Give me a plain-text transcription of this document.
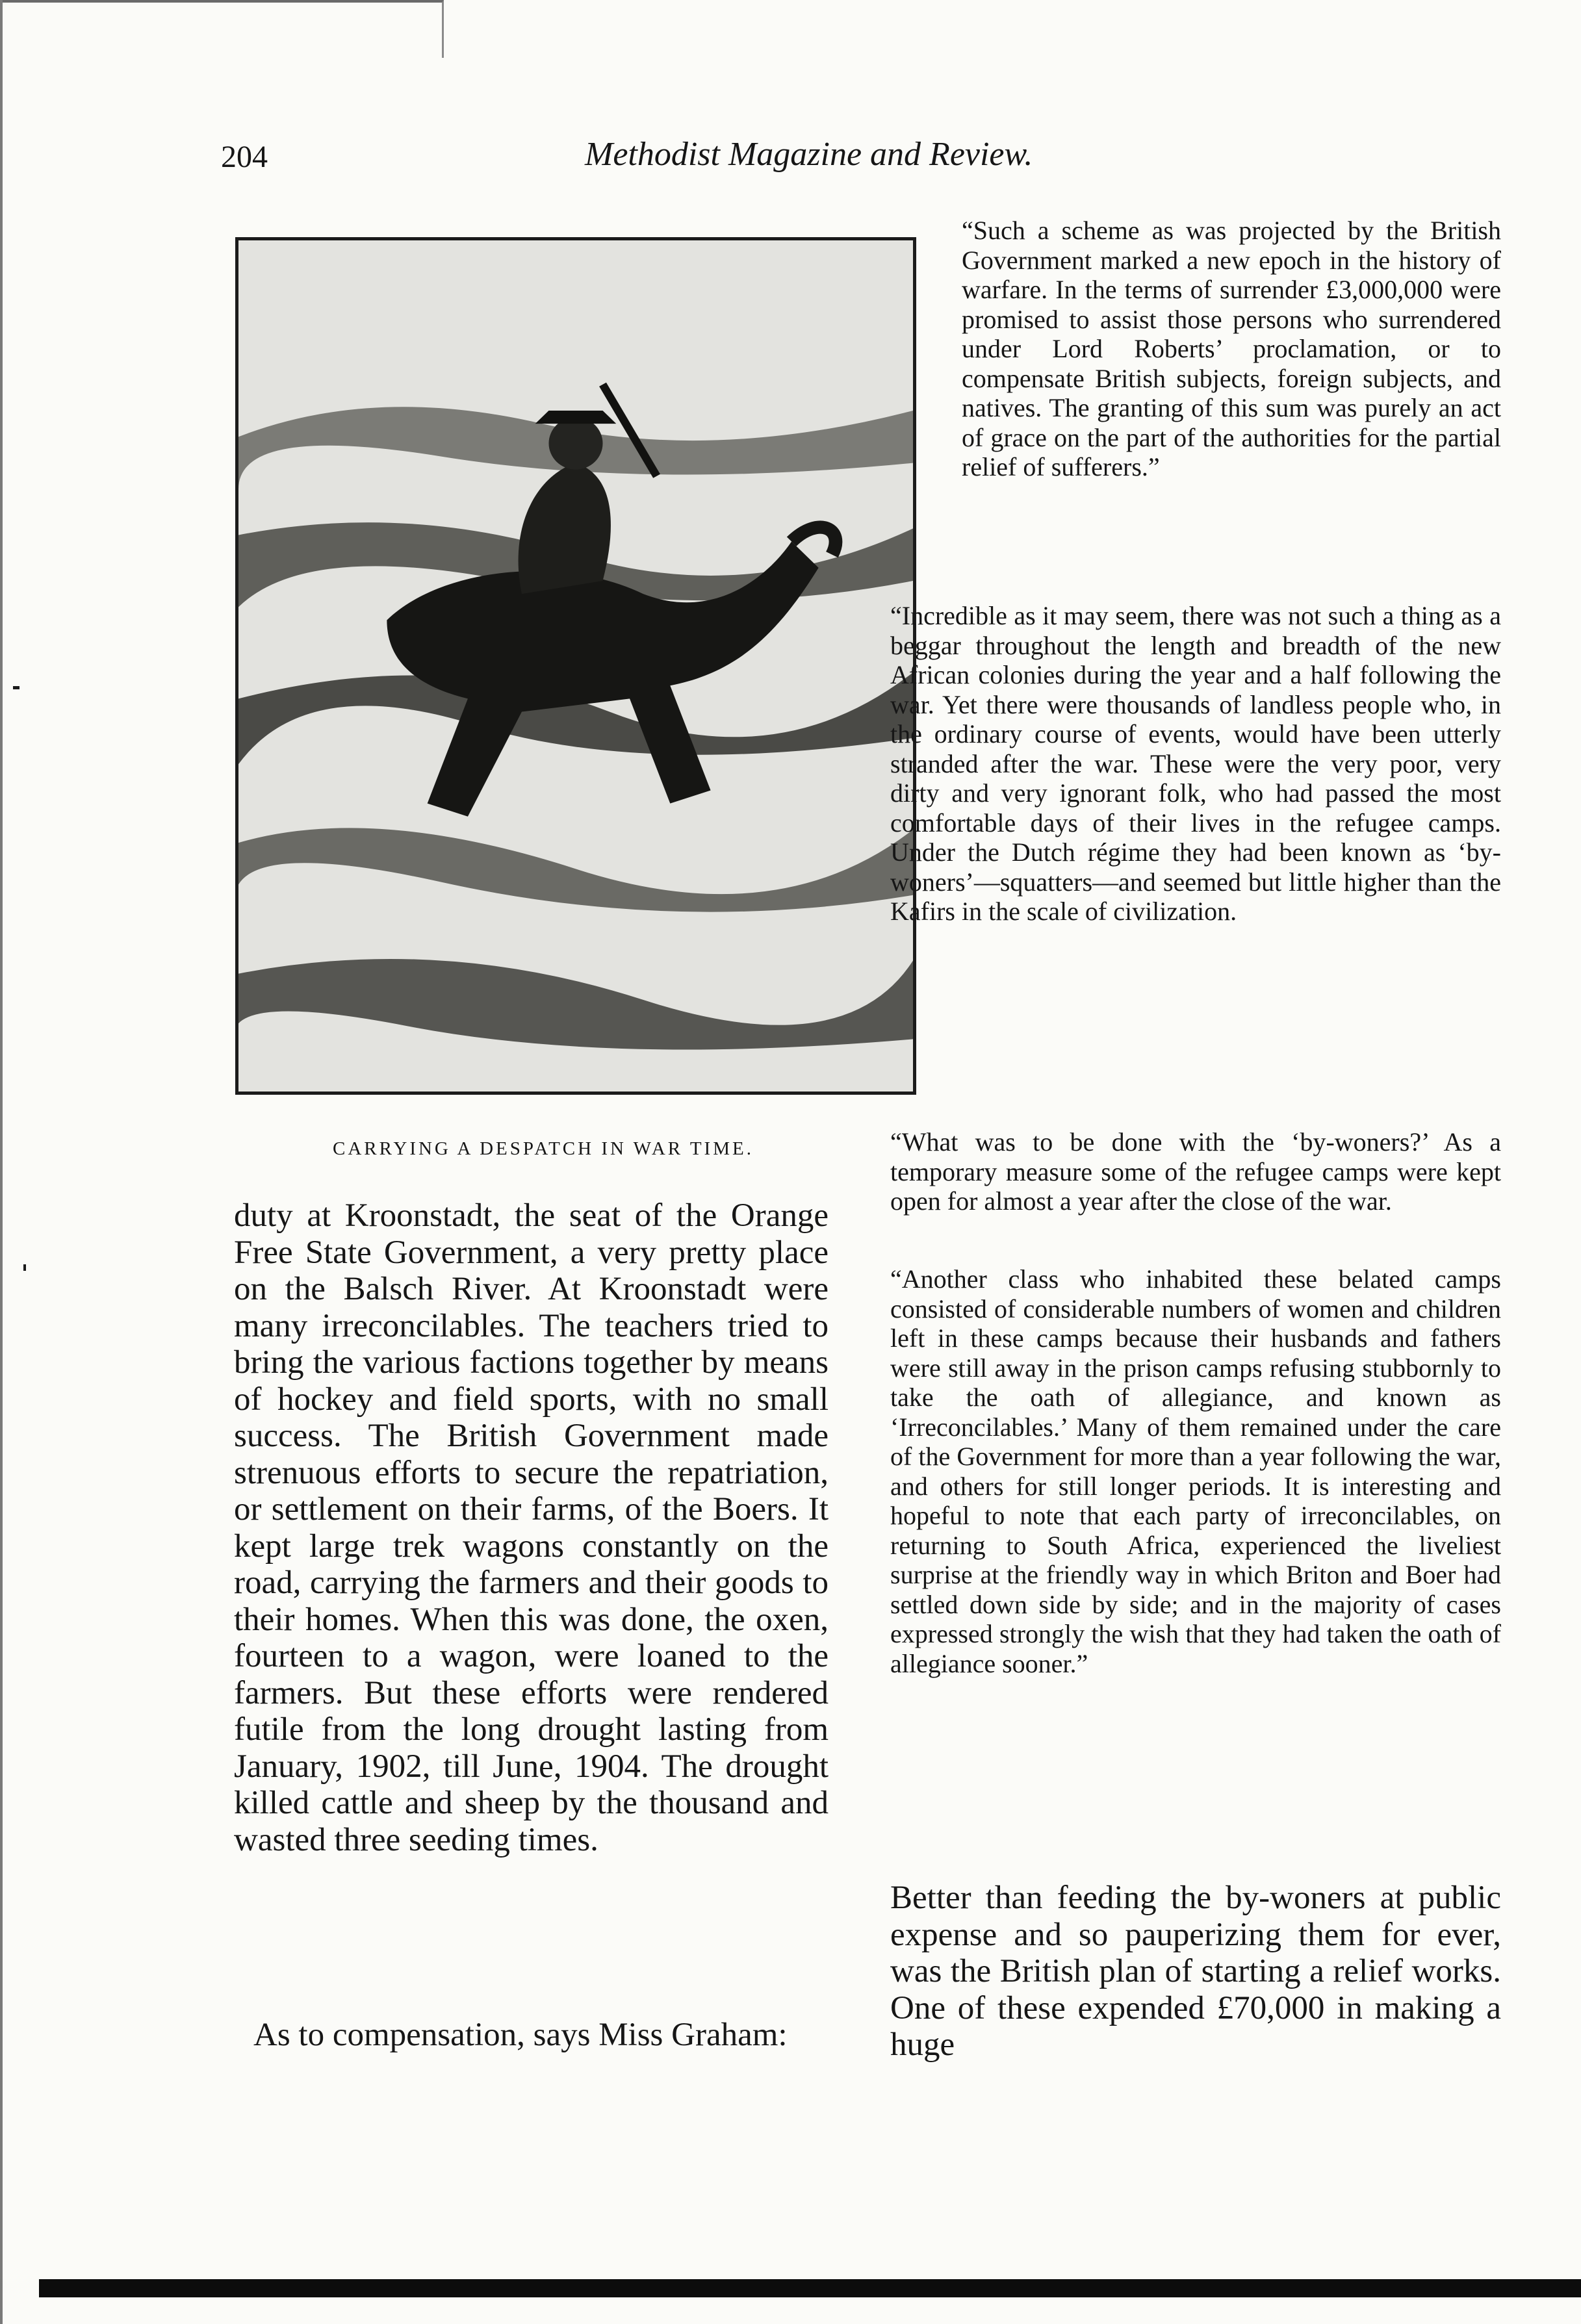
204	Methodist Magazine and Review.
CARRYING A DESPATCH IN WAR TIME.

“Such a scheme as was projected by the British Government marked a new epoch in the history of warfare. In the terms of surrender £3,000,000 were promised to assist those persons who surrendered under Lord Roberts’ proclamation, or to compensate British subjects, foreign subjects, and natives. The granting of this sum was purely an act of grace on the part of the authorities for the partial relief of sufferers.”

“Incredible as it may seem, there was not such a thing as a beggar throughout the length and breadth of the new African colonies during the year and a half following the war. Yet there were thousands of landless people who, in the ordinary course of events, would have been utterly stranded after the war. These were the very poor, very dirty and very ignorant folk, who had passed the most comfortable days of their lives in the refugee camps. Under the Dutch régime they had been known as ‘by-woners’—squatters—and seemed but little higher than the Kafirs in the scale of civilization.

“What was to be done with the ‘by-woners?’ As a temporary measure some of the refugee camps were kept open for almost a year after the close of the war.

“Another class who inhabited these belated camps consisted of considerable numbers of women and children left in these camps because their husbands and fathers were still away in the prison camps refusing stubbornly to take the oath of allegiance, and known as ‘Irreconcilables.’ Many of them remained under the care of the Government for more than a year following the war, and others for still longer periods. It is interesting and hopeful to note that each party of irreconcilables, on returning to South Africa, experienced the liveliest surprise at the friendly way in which Briton and Boer had settled down side by side; and in the majority of cases expressed strongly the wish that they had taken the oath of allegiance sooner.”

duty at Kroonstadt, the seat of the Orange Free State Government, a very pretty place on the Balsch River. At Kroonstadt were many irreconcilables. The teachers tried to bring the various factions together by means of hockey and field sports, with no small success. The British Government made strenuous efforts to secure the repatriation, or settlement on their farms, of the Boers. It kept large trek wagons constantly on the road, carrying the farmers and their goods to their homes. When this was done, the oxen, fourteen to a wagon, were loaned to the farmers. But these efforts were rendered futile from the long drought lasting from January, 1902, till June, 1904. The drought killed cattle and sheep by the thousand and wasted three seeding times.

As to compensation, says Miss Graham:

Better than feeding the by-woners at public expense and so pauperizing them for ever, was the British plan of starting a relief works. One of these expended £70,000 in making a huge
